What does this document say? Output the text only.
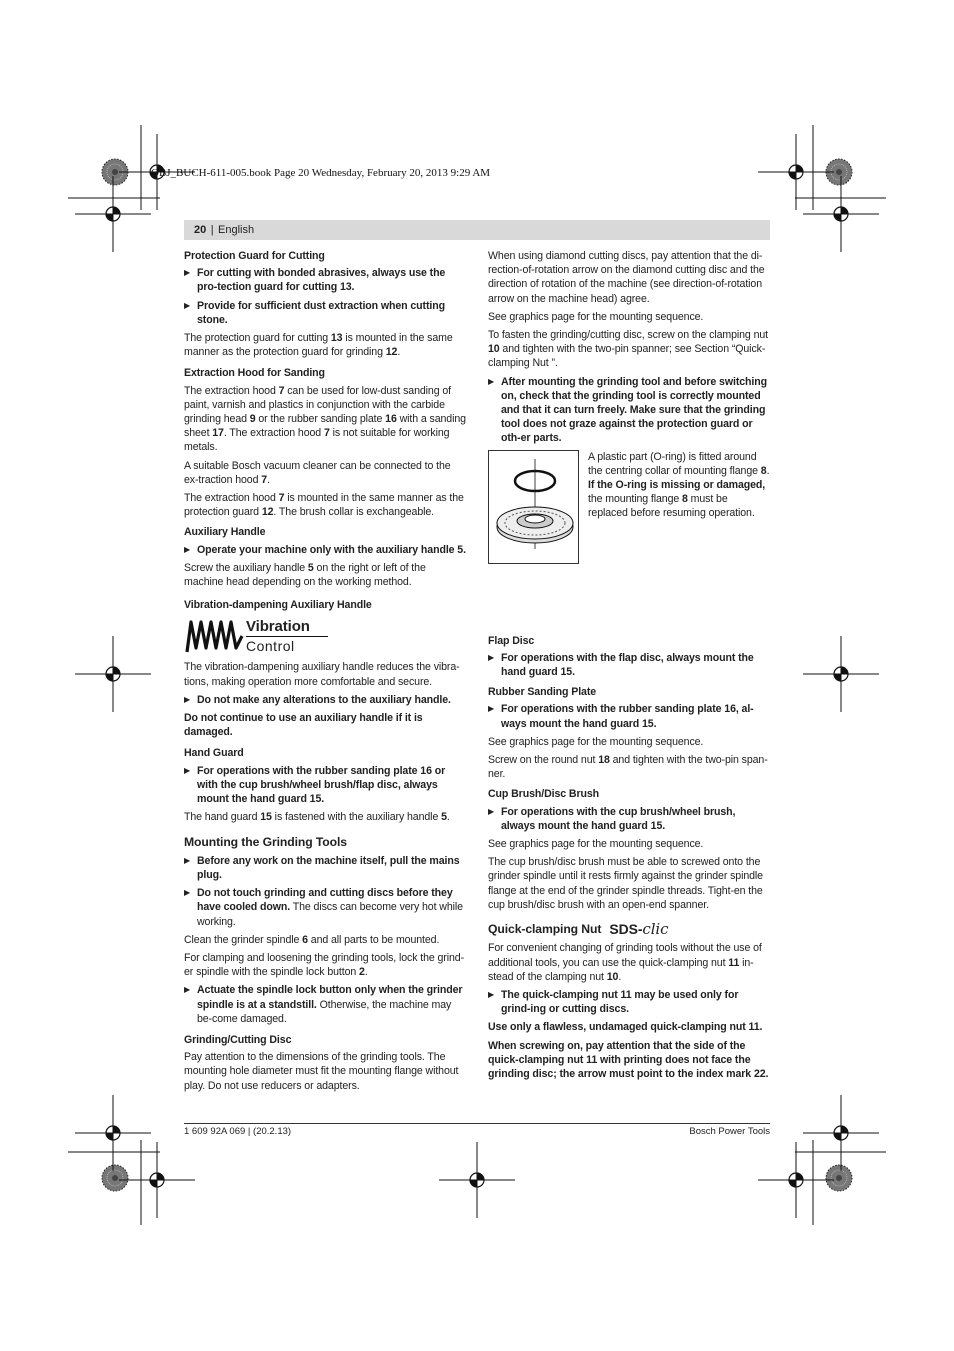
OBJ_BUCH-611-005.book Page 20 Wednesday, February 20, 2013 9:29 AM
20 | English
Protection Guard for Cutting
▶ For cutting with bonded abrasives, always use the pro-tection guard for cutting 13.
▶ Provide for sufficient dust extraction when cutting stone.

The protection guard for cutting 13 is mounted in the same manner as the protection guard for grinding 12.

Extraction Hood for Sanding

The extraction hood 7 can be used for low-dust sanding of paint, varnish and plastics in conjunction with the carbide grinding head 9 or the rubber sanding plate 16 with a sanding sheet 17. The extraction hood 7 is not suitable for working metals.

A suitable Bosch vacuum cleaner can be connected to the ex-traction hood 7.

The extraction hood 7 is mounted in the same manner as the protection guard 12. The brush collar is exchangeable.

Auxiliary Handle
▶ Operate your machine only with the auxiliary handle 5.

Screw the auxiliary handle 5 on the right or left of the machine head depending on the working method.

Vibration-dampening Auxiliary Handle
Vibration
Control

The vibration-dampening auxiliary handle reduces the vibra-tions, making operation more comfortable and secure.

▶ Do not make any alterations to the auxiliary handle.

Do not continue to use an auxiliary handle if it is damaged.

Hand Guard
▶ For operations with the rubber sanding plate 16 or with the cup brush/wheel brush/flap disc, always mount the hand guard 15.

The hand guard 15 is fastened with the auxiliary handle 5.

Mounting the Grinding Tools
▶ Before any work on the machine itself, pull the mains plug.
▶ Do not touch grinding and cutting discs before they have cooled down. The discs can become very hot while working.

Clean the grinder spindle 6 and all parts to be mounted.

For clamping and loosening the grinding tools, lock the grind-er spindle with the spindle lock button 2.

▶ Actuate the spindle lock button only when the grinder spindle is at a standstill. Otherwise, the machine may be-come damaged.
Grinding/Cutting Disc

Pay attention to the dimensions of the grinding tools. The mounting hole diameter must fit the mounting flange without play. Do not use reducers or adapters.

When using diamond cutting discs, pay attention that the di-rection-of-rotation arrow on the diamond cutting disc and the direction of rotation of the machine (see direction-of-rotation arrow on the machine head) agree.

See graphics page for the mounting sequence.

To fasten the grinding/cutting disc, screw on the clamping nut 10 and tighten with the two-pin spanner; see Section “Quick-clamping Nut ”.

▶ After mounting the grinding tool and before switching on, check that the grinding tool is correctly mounted and that it can turn freely. Make sure that the grinding tool does not graze against the protection guard or oth-er parts.
A plastic part (O-ring) is fitted around the centring collar of mounting flange 8. If the O-ring is missing or damaged, the mounting flange 8 must be replaced before resuming operation.
Flap Disc
▶ For operations with the flap disc, always mount the hand guard 15.
Rubber Sanding Plate
▶ For operations with the rubber sanding plate 16, al-ways mount the hand guard 15.

See graphics page for the mounting sequence.

Screw on the round nut 18 and tighten with the two-pin span-ner.

Cup Brush/Disc Brush
▶ For operations with the cup brush/wheel brush, always mount the hand guard 15.

See graphics page for the mounting sequence.

The cup brush/disc brush must be able to screwed onto the grinder spindle until it rests firmly against the grinder spindle flange at the end of the grinder spindle threads. Tight-en the cup brush/disc brush with an open-end spanner.

Quick-clamping Nut SDS-clic

For convenient changing of grinding tools without the use of additional tools, you can use the quick-clamping nut 11 in-stead of the clamping nut 10.

▶ The quick-clamping nut 11 may be used only for grind-ing or cutting discs.

Use only a flawless, undamaged quick-clamping nut 11.

When screwing on, pay attention that the side of the quick-clamping nut 11 with printing does not face the grinding disc; the arrow must point to the index mark 22.

1 609 92A 069 | (20.2.13)	Bosch Power Tools
